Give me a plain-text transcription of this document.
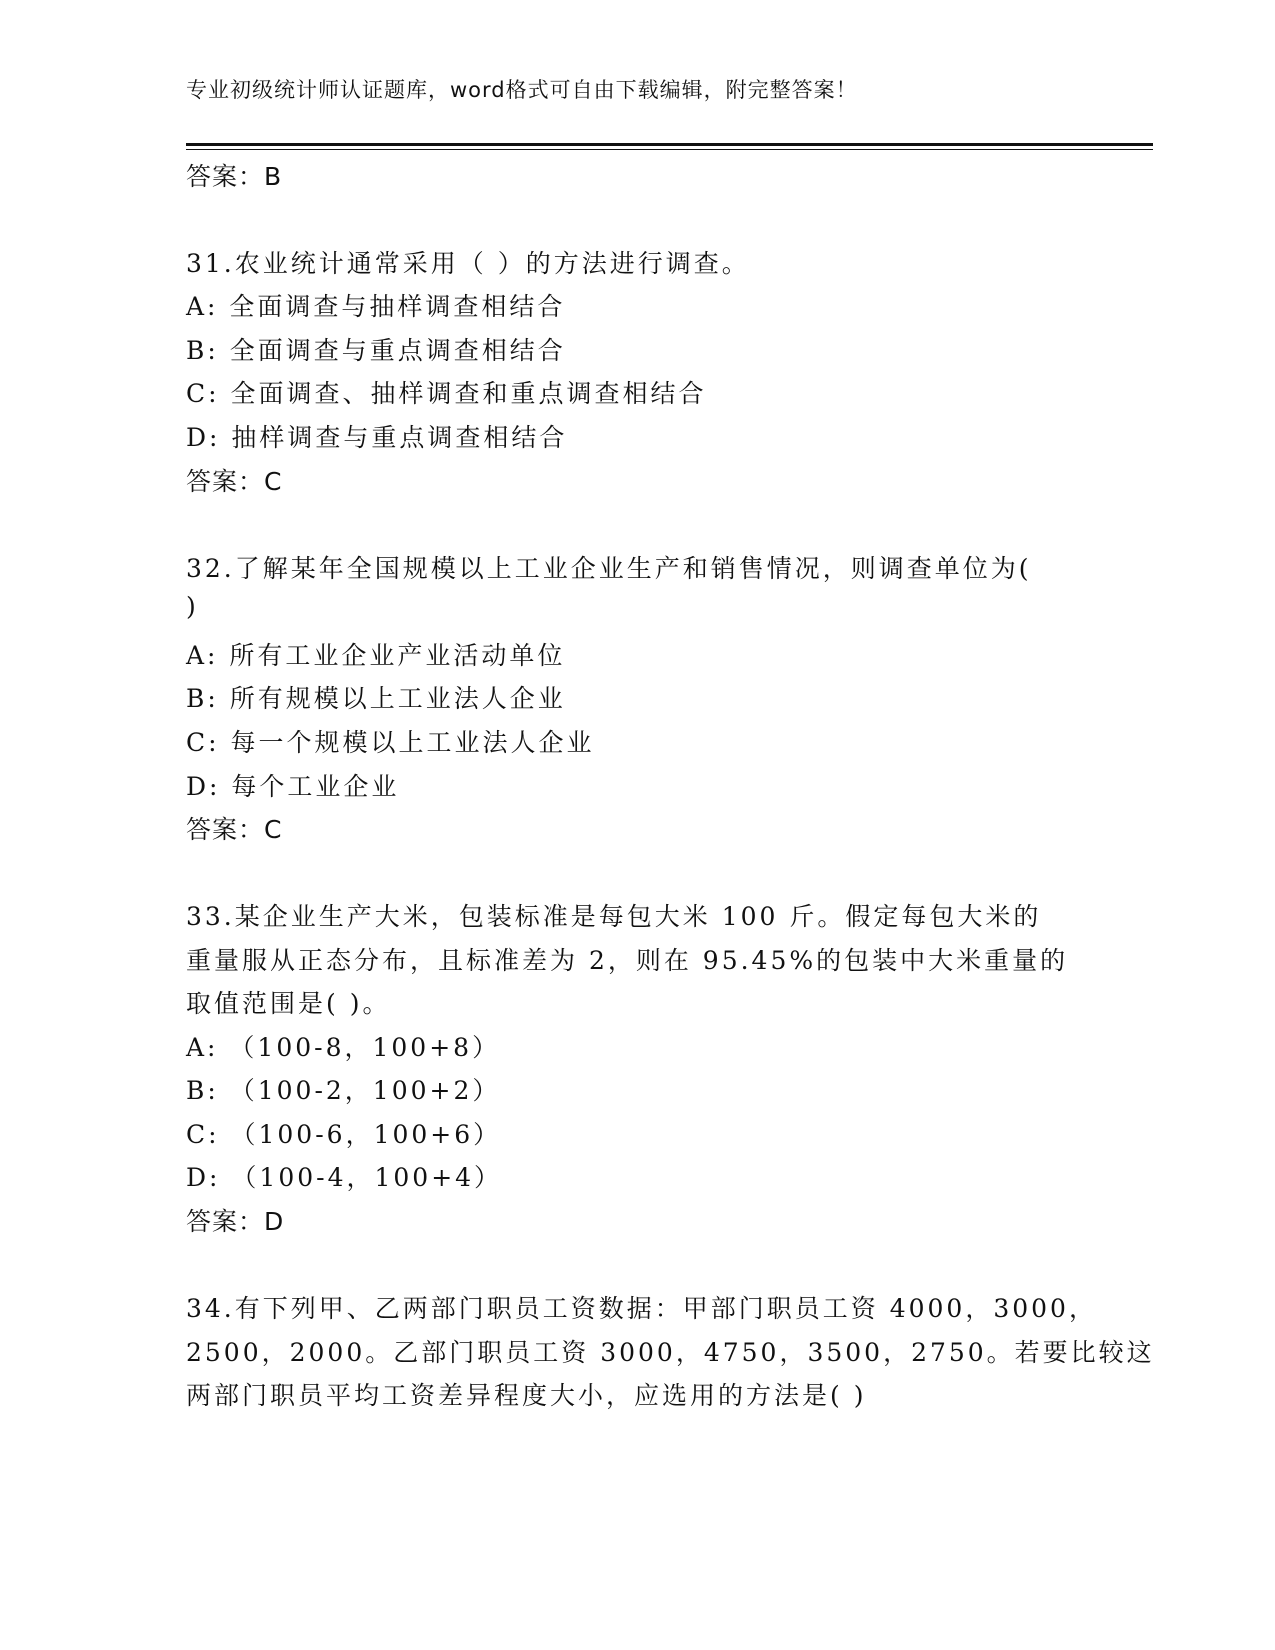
专业初级统计师认证题库，word格式可自由下载编辑，附完整答案！
答案：B
31.农业统计通常采用（ ）的方法进行调查。
A: 全面调查与抽样调查相结合
B: 全面调查与重点调查相结合
C: 全面调查、抽样调查和重点调查相结合
D: 抽样调查与重点调查相结合
答案：C
32.了解某年全国规模以上工业企业生产和销售情况，则调查单位为(
)
A: 所有工业企业产业活动单位
B: 所有规模以上工业法人企业
C: 每一个规模以上工业法人企业
D: 每个工业企业
答案：C
33.某企业生产大米，包装标准是每包大米 100 斤。假定每包大米的
重量服从正态分布，且标准差为 2，则在 95.45%的包装中大米重量的
取值范围是( )。
A: （100-8，100+8）
B: （100-2，100+2）
C: （100-6，100+6）
D: （100-4，100+4）
答案：D
34.有下列甲、乙两部门职员工资数据：甲部门职员工资 4000，3000，
2500，2000。乙部门职员工资 3000，4750，3500，2750。若要比较这
两部门职员平均工资差异程度大小，应选用的方法是( )
